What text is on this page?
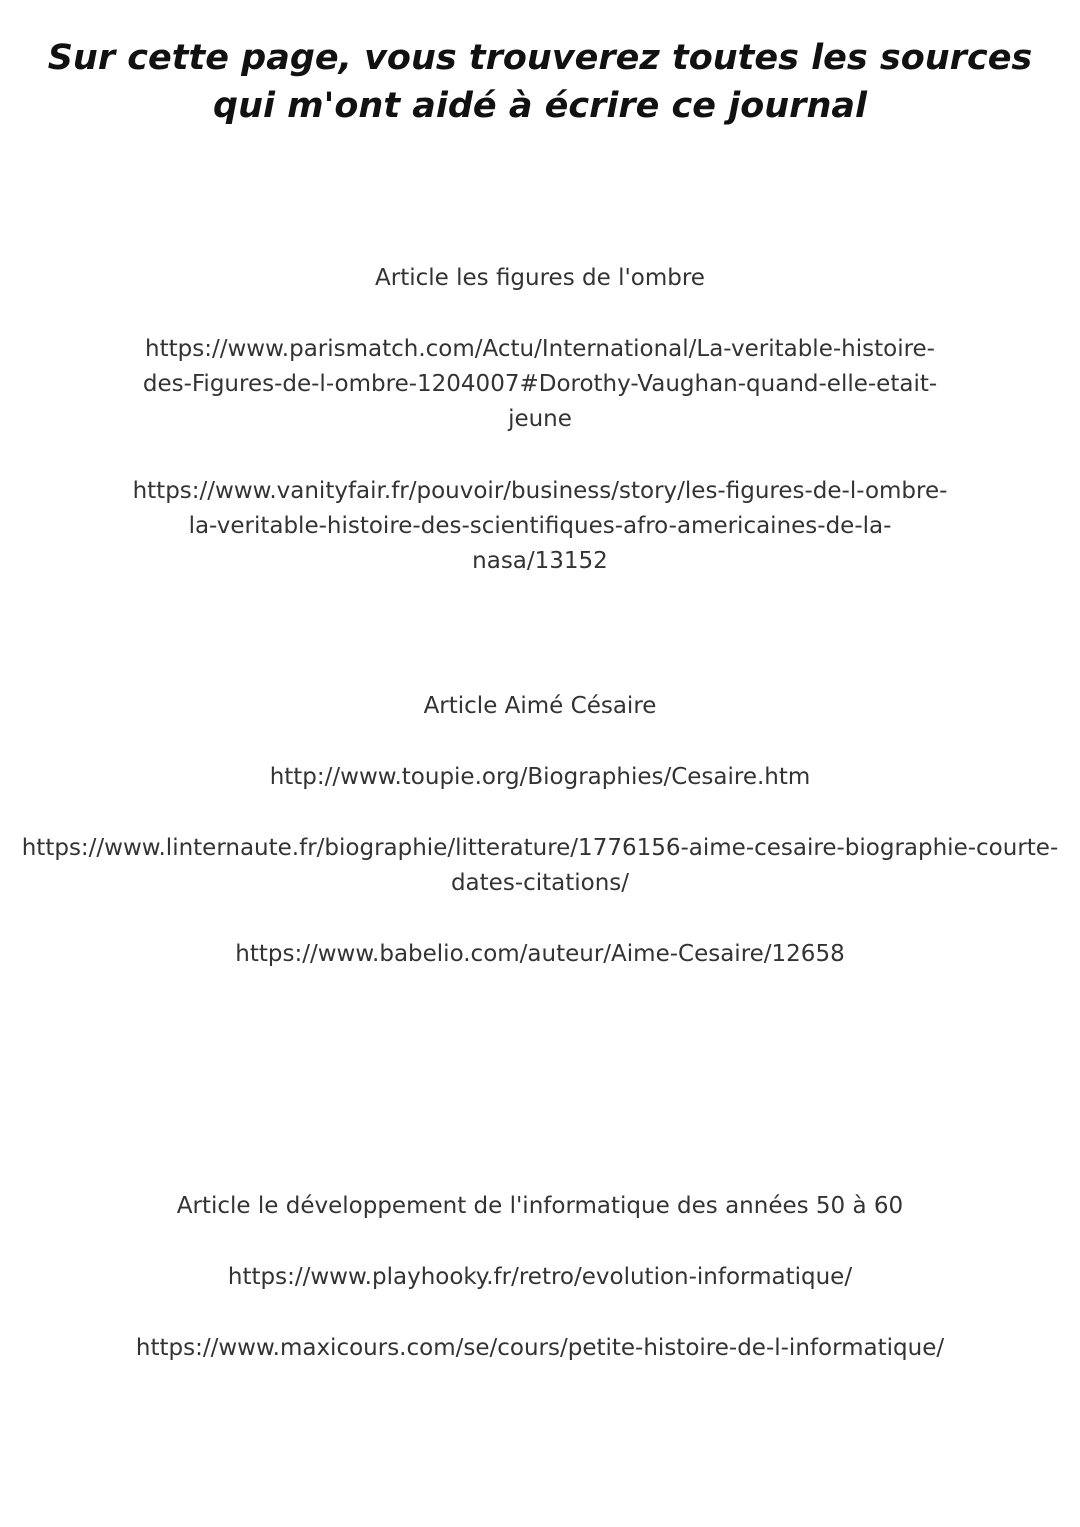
Sur cette page, vous trouverez toutes les sources
qui m'ont aidé à écrire ce journal

Article les figures de l'ombre

https://www.parismatch.com/Actu/International/La-veritable-histoire-
des-Figures-de-l-ombre-1204007#Dorothy-Vaughan-quand-elle-etait-
jeune
https://www.vanityfair.fr/pouvoir/business/story/les-figures-de-l-ombre-
la-veritable-histoire-des-scientifiques-afro-americaines-de-la-
nasa/13152

Article Aimé Césaire

http://www.toupie.org/Biographies/Cesaire.htm
https://www.linternaute.fr/biographie/litterature/1776156-aime-cesaire-biographie-courte-
dates-citations/
https://www.babelio.com/auteur/Aime-Cesaire/12658

Article le développement de l'informatique des années 50 à 60

https://www.playhooky.fr/retro/evolution-informatique/
https://www.maxicours.com/se/cours/petite-histoire-de-l-informatique/
